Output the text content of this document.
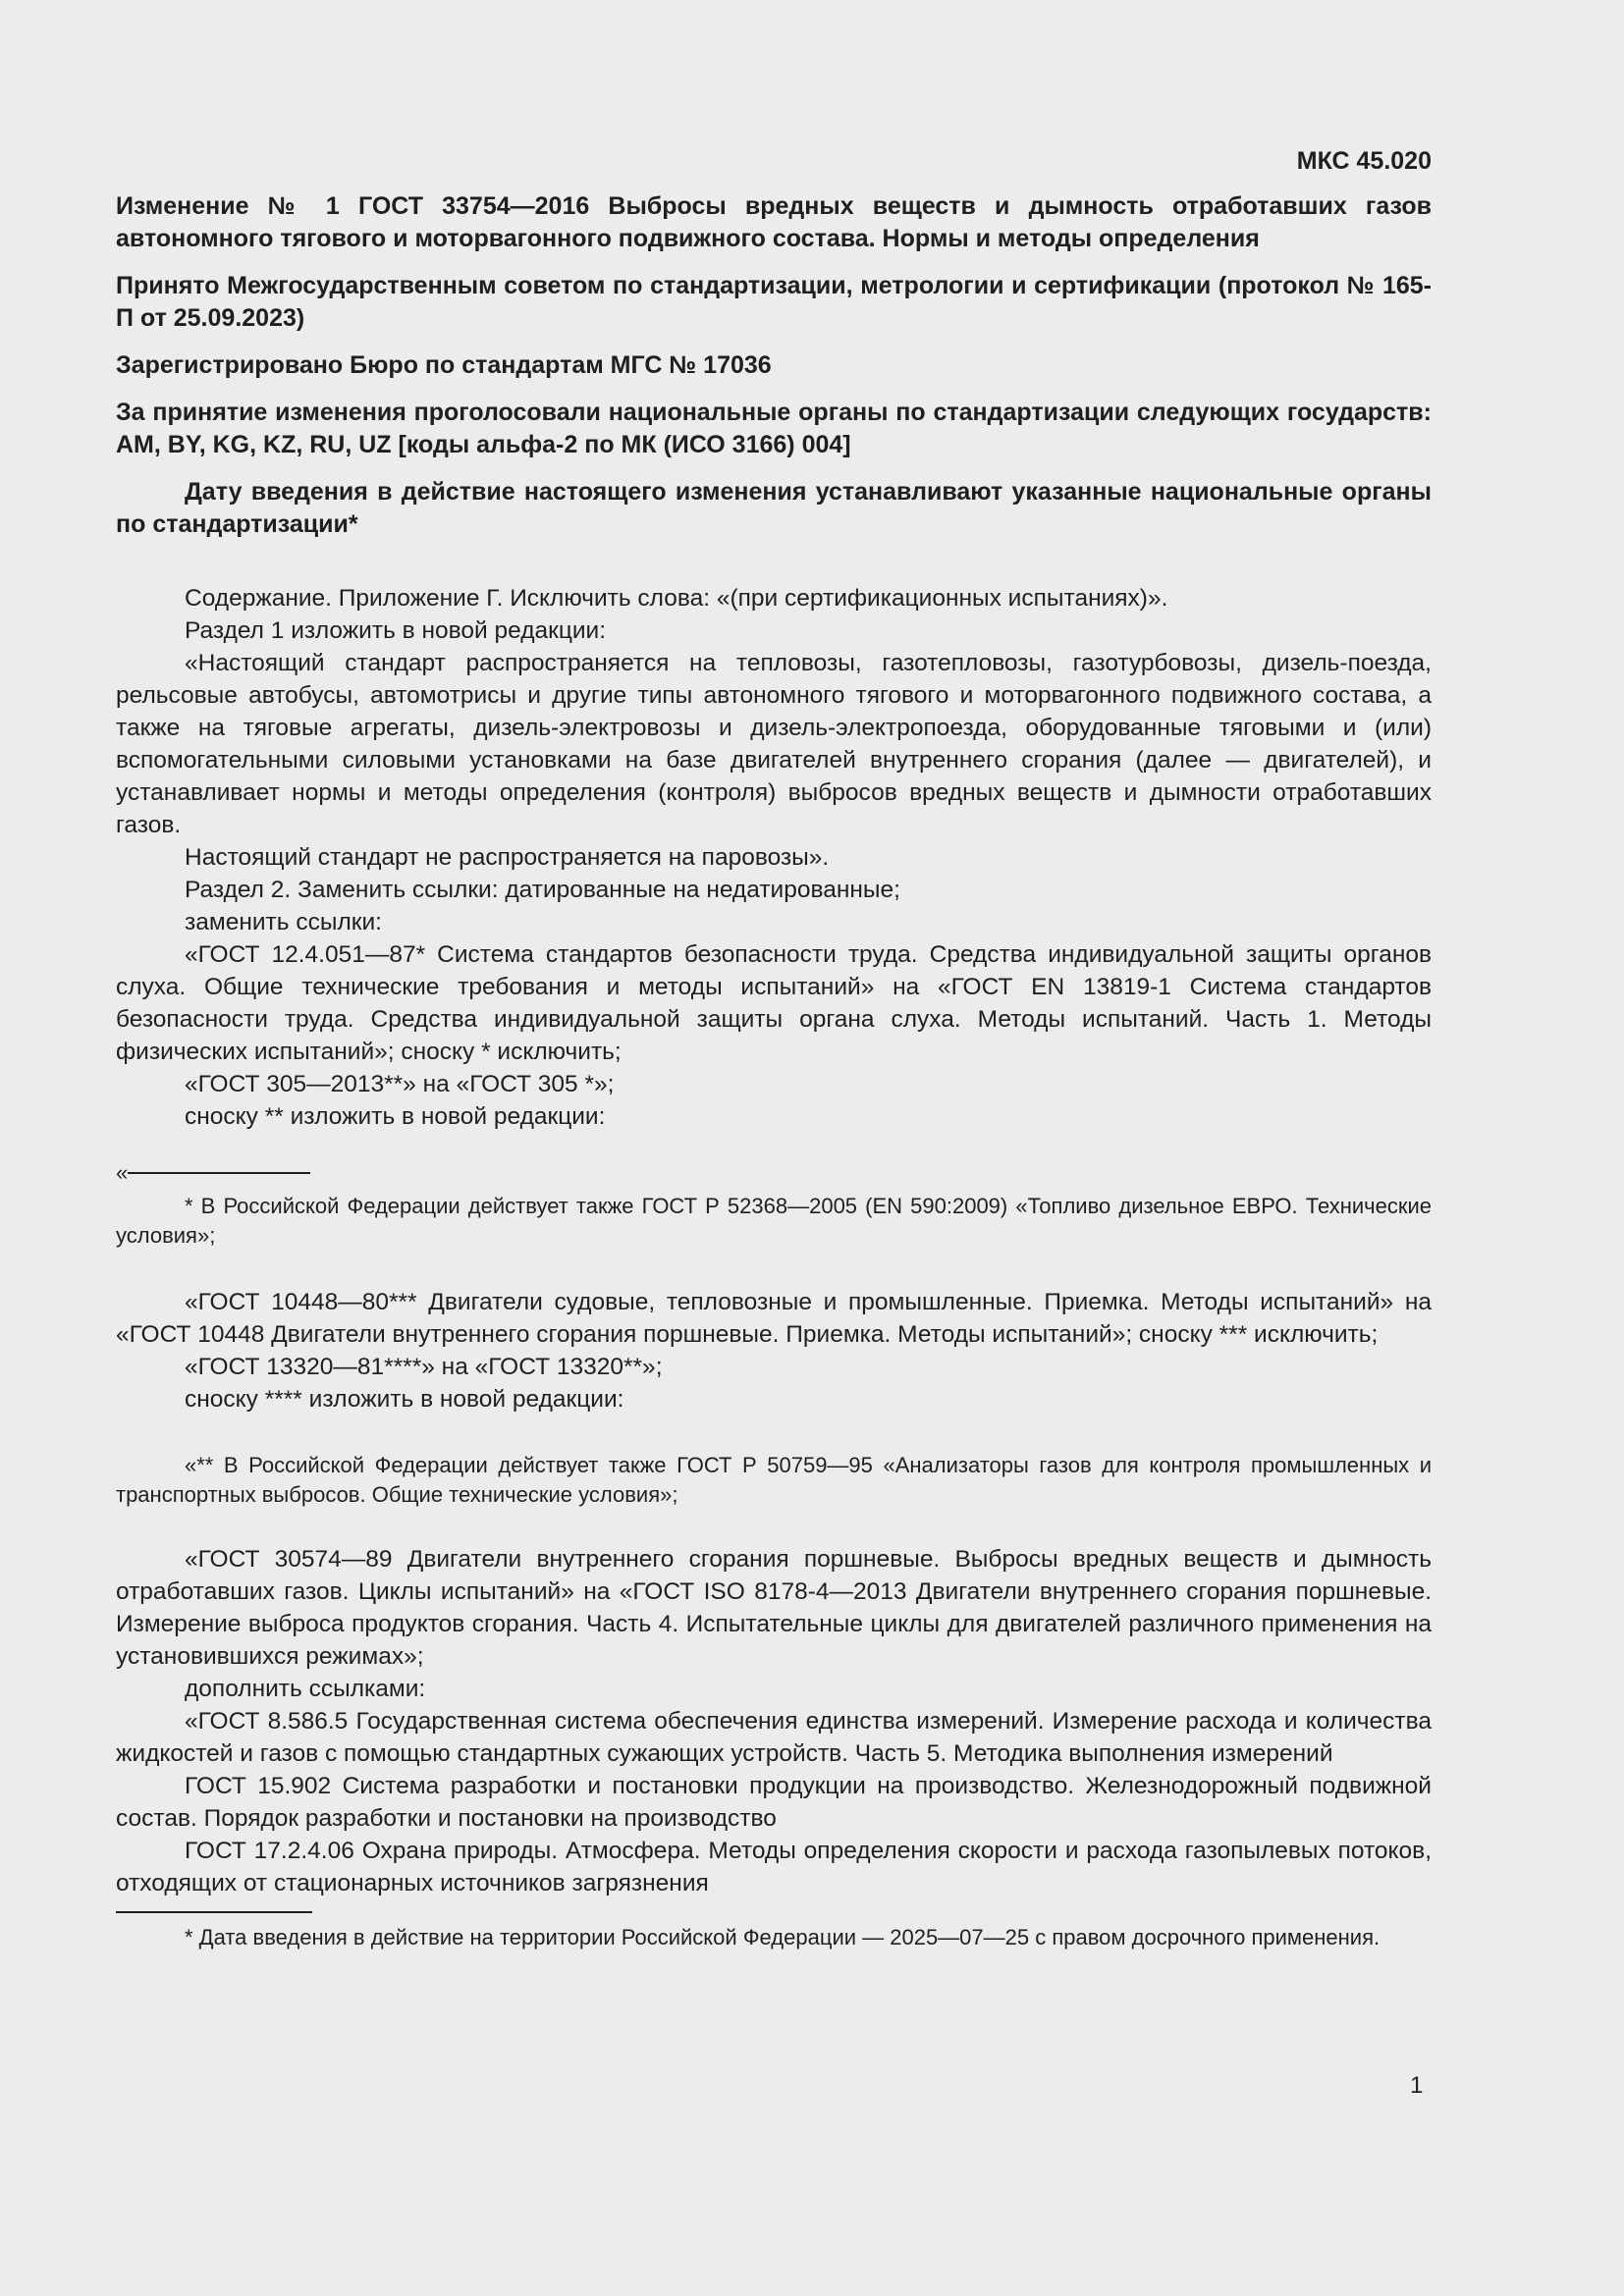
МКС 45.020
Изменение № 1 ГОСТ 33754—2016 Выбросы вредных веществ и дымность отработавших газов автономного тягового и моторвагонного подвижного состава. Нормы и методы определения
Принято Межгосударственным советом по стандартизации, метрологии и сертификации (протокол № 165-П от 25.09.2023)
Зарегистрировано Бюро по стандартам МГС № 17036
За принятие изменения проголосовали национальные органы по стандартизации следующих государств: AM, BY, KG, KZ, RU, UZ [коды альфа-2 по МК (ИСО 3166) 004]
Дату введения в действие настоящего изменения устанавливают указанные национальные органы по стандартизации*

Содержание. Приложение Г. Исключить слова: «(при сертификационных испытаниях)».

Раздел 1 изложить в новой редакции:

«Настоящий стандарт распространяется на тепловозы, газотепловозы, газотурбовозы, дизель-поезда, рельсовые автобусы, автомотрисы и другие типы автономного тягового и моторвагонного подвижного состава, а также на тяговые агрегаты, дизель-электровозы и дизель-электропоезда, оборудованные тяговыми и (или) вспомогательными силовыми установками на базе двигателей внутреннего сгорания (далее — двигателей), и устанавливает нормы и методы определения (контроля) выбросов вредных веществ и дымности отработавших газов.

Настоящий стандарт не распространяется на паровозы».

Раздел 2. Заменить ссылки: датированные на недатированные;

заменить ссылки:

«ГОСТ 12.4.051—87* Система стандартов безопасности труда. Средства индивидуальной защиты органов слуха. Общие технические требования и методы испытаний» на «ГОСТ EN 13819-1 Система стандартов безопасности труда. Средства индивидуальной защиты органа слуха. Методы испытаний. Часть 1. Методы физических испытаний»; сноску * исключить;

«ГОСТ 305—2013**» на «ГОСТ 305 *»;

сноску ** изложить в новой редакции:

«

* В Российской Федерации действует также ГОСТ Р 52368—2005 (EN 590:2009) «Топливо дизельное ЕВРО. Технические условия»;

«ГОСТ 10448—80*** Двигатели судовые, тепловозные и промышленные. Приемка. Методы испытаний» на «ГОСТ 10448 Двигатели внутреннего сгорания поршневые. Приемка. Методы испытаний»; сноску *** исключить;

«ГОСТ 13320—81****» на «ГОСТ 13320**»;

сноску **** изложить в новой редакции:

«** В Российской Федерации действует также ГОСТ Р 50759—95 «Анализаторы газов для контроля промышленных и транспортных выбросов. Общие технические условия»;

«ГОСТ 30574—89 Двигатели внутреннего сгорания поршневые. Выбросы вредных веществ и дымность отработавших газов. Циклы испытаний» на «ГОСТ ISO 8178-4—2013 Двигатели внутреннего сгорания поршневые. Измерение выброса продуктов сгорания. Часть 4. Испытательные циклы для двигателей различного применения на установившихся режимах»;

дополнить ссылками:

«ГОСТ 8.586.5 Государственная система обеспечения единства измерений. Измерение расхода и количества жидкостей и газов с помощью стандартных сужающих устройств. Часть 5. Методика выполнения измерений

ГОСТ 15.902 Система разработки и постановки продукции на производство. Железнодорожный подвижной состав. Порядок разработки и постановки на производство

ГОСТ 17.2.4.06 Охрана природы. Атмосфера. Методы определения скорости и расхода газопылевых потоков, отходящих от стационарных источников загрязнения

* Дата введения в действие на территории Российской Федерации — 2025—07—25 с правом досрочного применения.

1
